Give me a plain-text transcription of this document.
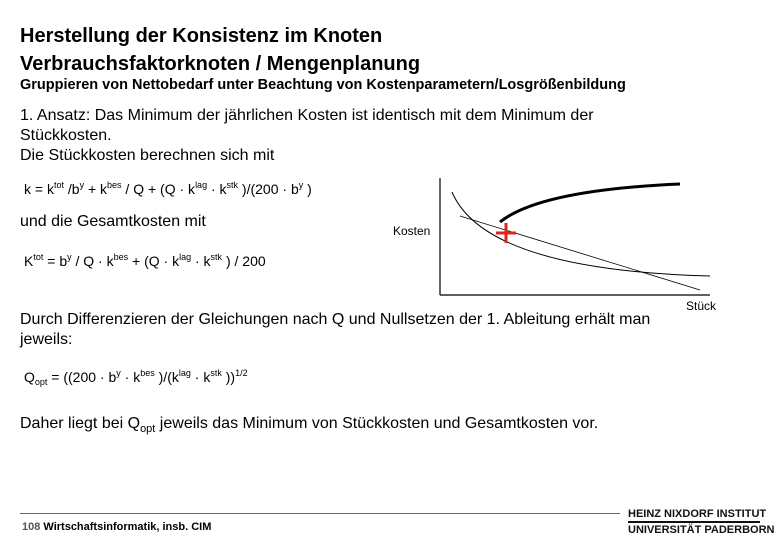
Herstellung der Konsistenz im Knoten
Verbrauchsfaktorknoten / Mengenplanung
Gruppieren von Nettobedarf unter Beachtung von Kostenparametern/Losgrößenbildung
1. Ansatz: Das Minimum der jährlichen Kosten ist identisch mit dem Minimum der
Stückkosten.
Die Stückkosten berechnen sich mit
$k = k^{tot}$ $/b^y + k^{bes} / Q + (Q \cdot k^{lag} \cdot k^{stk}$ )$/(200 \cdot b^y$ )
und die Gesamtkosten mit
$K^{tot} = b^y / Q \cdot k^{bes} + (Q \cdot k^{lag} \cdot k^{stk}$ ) / 200
Kosten
Stück
Durch Differenzieren der Gleichungen nach Q und Nullsetzen der 1. Ableitung erhält man
jeweils:
$Q_{opt} = ((200 \cdot b^y \cdot k^{bes}$ )$/(k^{lag} \cdot k^{stk}$ ))$^{1/2}$
Daher liegt bei $Q_{opt}$ jeweils das Minimum von Stückkosten und Gesamtkosten vor.
108 Wirtschaftsinformatik, insb. CIM
HEINZ NIXDORF INSTITUT
UNIVERSITÄT PADERBORN
